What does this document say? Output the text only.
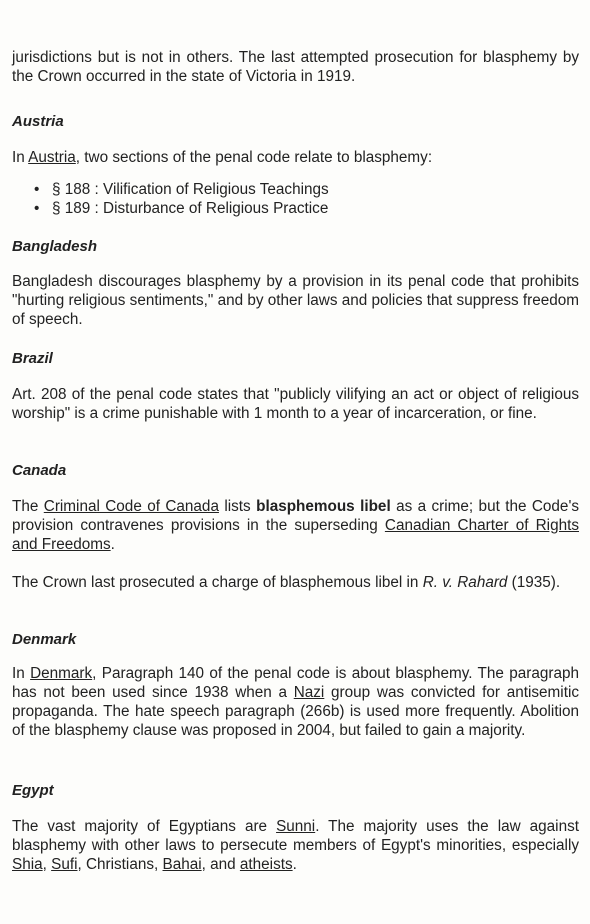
jurisdictions but is not in others. The last attempted prosecution for blasphemy by the Crown occurred in the state of Victoria in 1919.

Austria

In Austria, two sections of the penal code relate to blasphemy:

• § 188 : Vilification of Religious Teachings
• § 189 : Disturbance of Religious Practice
Bangladesh

Bangladesh discourages blasphemy by a provision in its penal code that prohibits "hurting religious sentiments," and by other laws and policies that suppress freedom of speech.

Brazil

Art. 208 of the penal code states that "publicly vilifying an act or object of religious worship" is a crime punishable with 1 month to a year of incarceration, or fine.

Canada

The Criminal Code of Canada lists blasphemous libel as a crime; but the Code's provision contravenes provisions in the superseding Canadian Charter of Rights and Freedoms.

The Crown last prosecuted a charge of blasphemous libel in R. v. Rahard (1935).

Denmark

In Denmark, Paragraph 140 of the penal code is about blasphemy. The paragraph has not been used since 1938 when a Nazi group was convicted for antisemitic propaganda. The hate speech paragraph (266b) is used more frequently. Abolition of the blasphemy clause was proposed in 2004, but failed to gain a majority.

Egypt

The vast majority of Egyptians are Sunni. The majority uses the law against blasphemy with other laws to persecute members of Egypt's minorities, especially Shia, Sufi, Christians, Bahai, and atheists.
